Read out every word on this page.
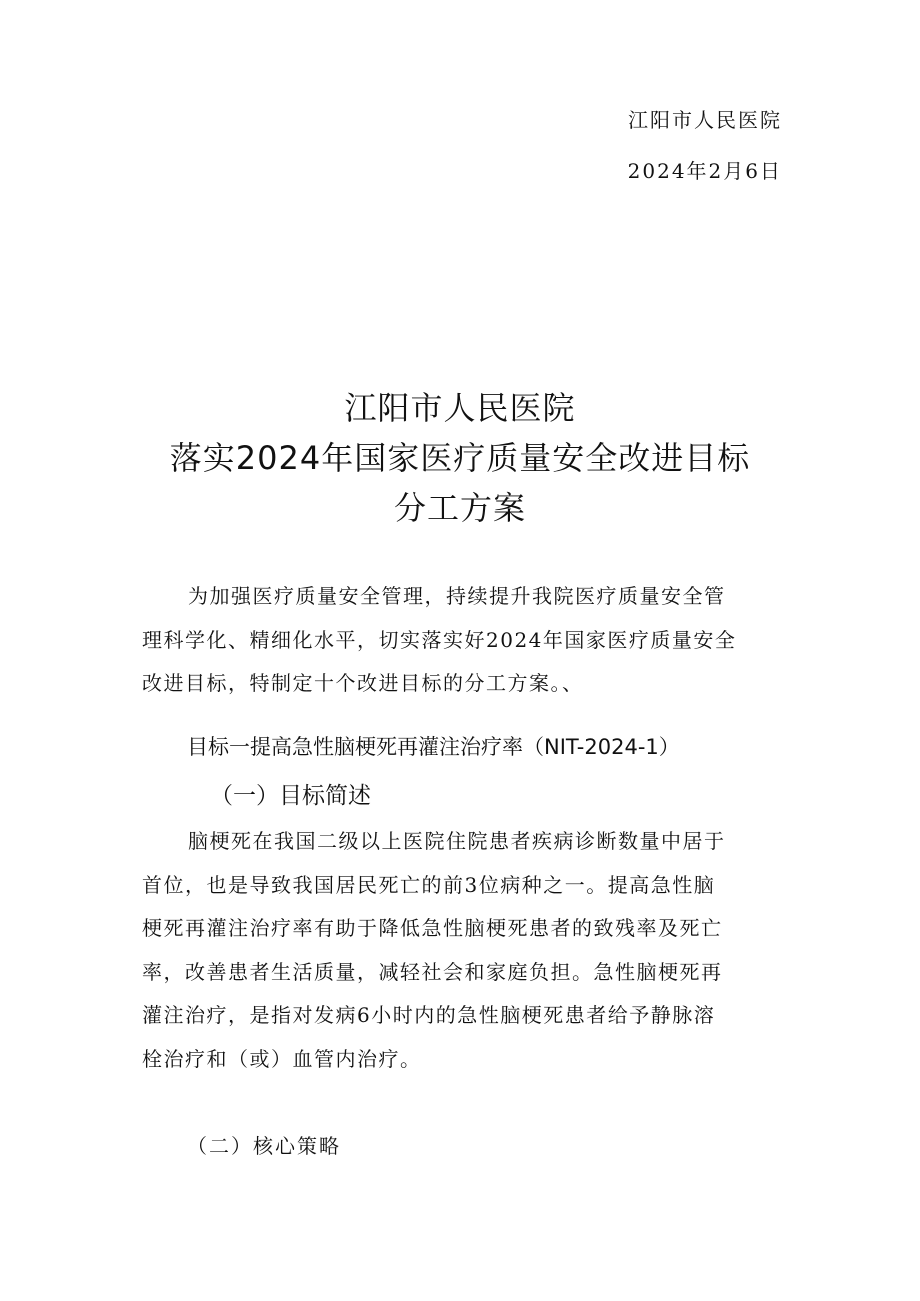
江阳市人民医院
2024年2月6日
江阳市人民医院
落实2024年国家医疗质量安全改进目标
分工方案
为加强医疗质量安全管理，持续提升我院医疗质量安全管
理科学化、精细化水平，切实落实好2024年国家医疗质量安全
改进目标，特制定十个改进目标的分工方案。、
目标一提高急性脑梗死再灌注治疗率（NIT-2024-1）
（一）目标简述
脑梗死在我国二级以上医院住院患者疾病诊断数量中居于
首位，也是导致我国居民死亡的前3位病种之一。提高急性脑
梗死再灌注治疗率有助于降低急性脑梗死患者的致残率及死亡
率，改善患者生活质量，减轻社会和家庭负担。急性脑梗死再
灌注治疗，是指对发病6小时内的急性脑梗死患者给予静脉溶
栓治疗和（或）血管内治疗。
（二）核心策略
